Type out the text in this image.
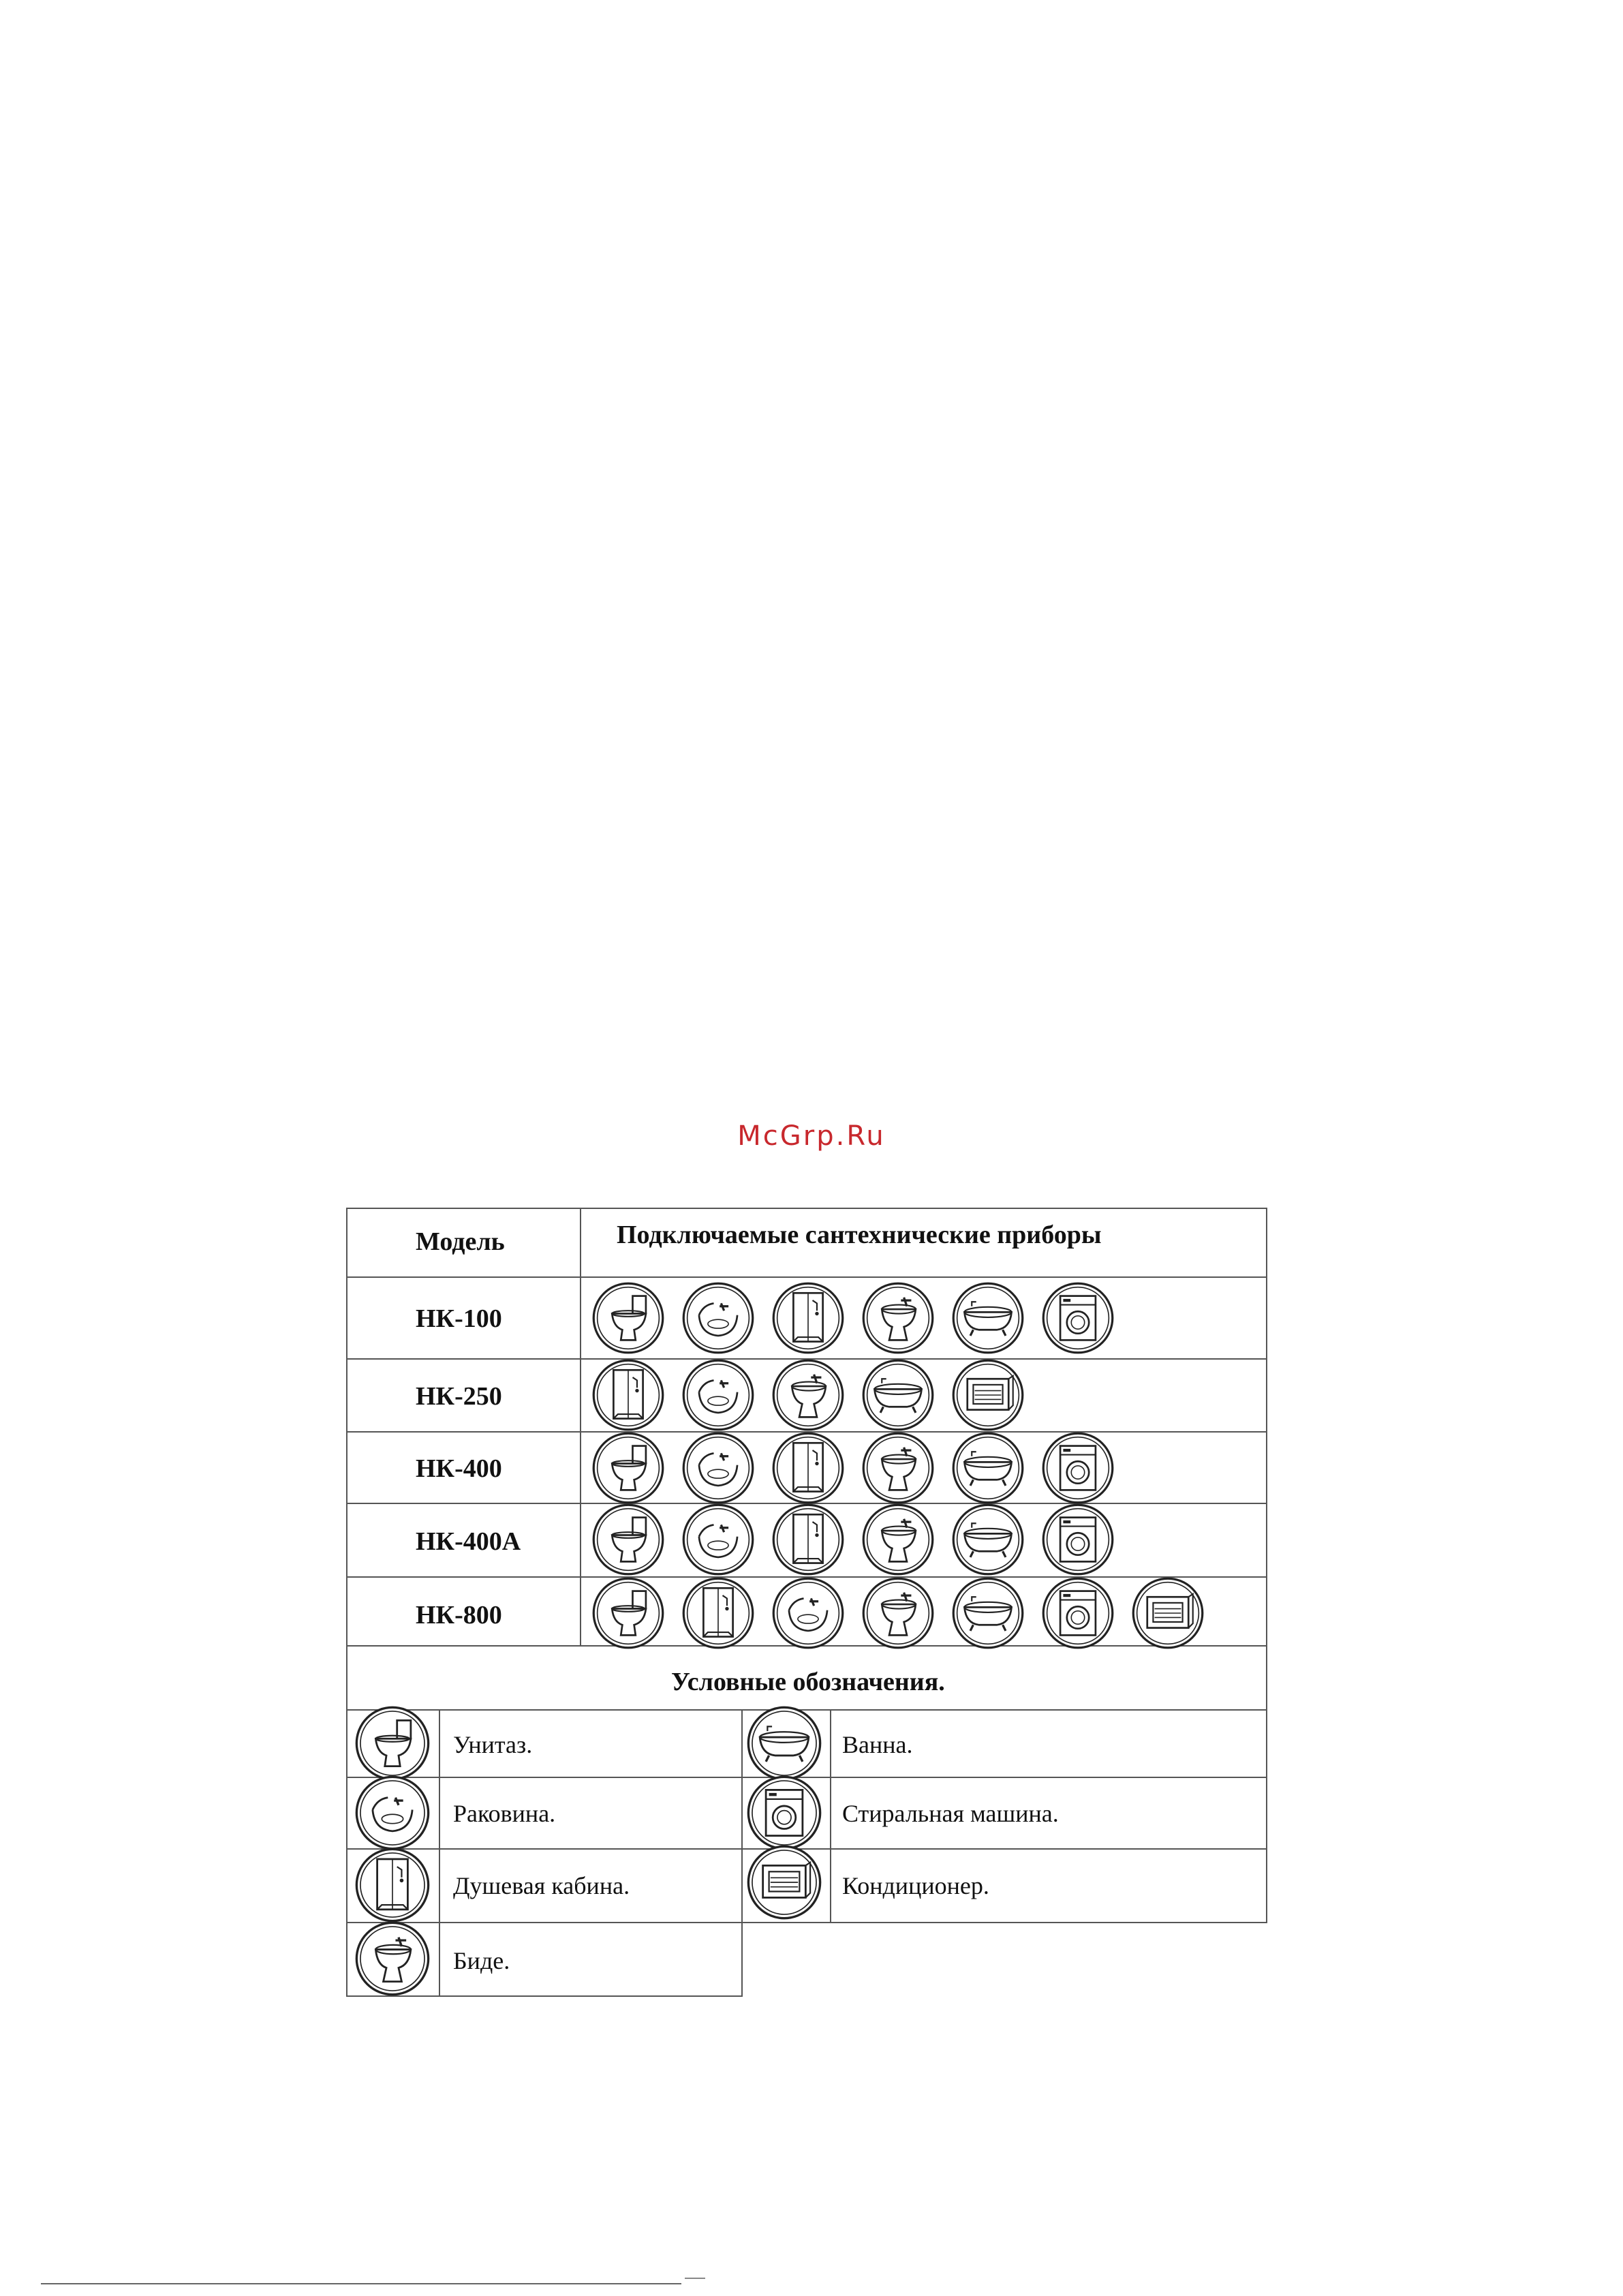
McGrp.Ru
Модель	Подключаемые сантехнические приборы
НК-100
НК-250
НК-400
НК-400А
НК-800
Условные обозначения.
Унитаз.
Раковина.
Душевая кабина.
Биде.
Ванна.
Стиральная машина.
Кондиционер.
